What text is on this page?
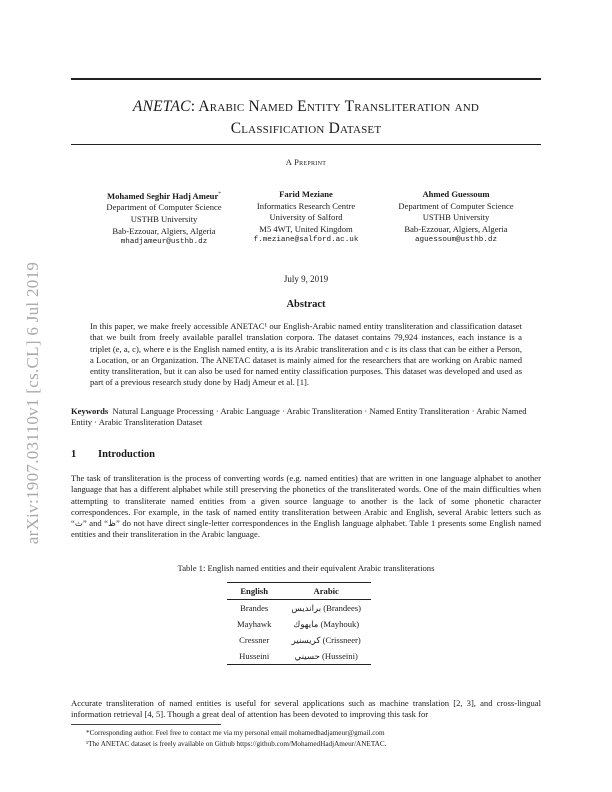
arXiv:1907.03110v1 [cs.CL] 6 Jul 2019
ANETAC: Arabic Named Entity Transliteration and
Classification Dataset
A Preprint
Mohamed Seghir Hadj Ameur*
Department of Computer Science
USTHB University
Bab-Ezzouar, Algiers, Algeria
mhadjameur@usthb.dz
Farid Meziane
Informatics Research Centre
University of Salford
M5 4WT, United Kingdom
f.meziane@salford.ac.uk
Ahmed Guessoum
Department of Computer Science
USTHB University
Bab-Ezzouar, Algiers, Algeria
aguessoum@usthb.dz
July 9, 2019
Abstract
In this paper, we make freely accessible ANETAC¹ our English-Arabic named entity transliteration and classification dataset that we built from freely available parallel translation corpora. The dataset contains 79,924 instances, each instance is a triplet (e, a, c), where e is the English named entity, a is its Arabic transliteration and c is its class that can be either a Person, a Location, or an Organization. The ANETAC dataset is mainly aimed for the researchers that are working on Arabic named entity transliteration, but it can also be used for named entity classification purposes. This dataset was developed and used as part of a previous research study done by Hadj Ameur et al. [1].
Keywords Natural Language Processing · Arabic Language · Arabic Transliteration · Named Entity Transliteration · Arabic Named Entity · Arabic Transliteration Dataset
1 Introduction
The task of transliteration is the process of converting words (e.g. named entities) that are written in one language alphabet to another language that has a different alphabet while still preserving the phonetics of the transliterated words. One of the main difficulties when attempting to transliterate named entities from a given source language to another is the lack of some phonetic character correspondences. For example, in the task of named entity transliteration between Arabic and English, several Arabic letters such as “ث” and “ظ” do not have direct single-letter correspondences in the English language alphabet. Table 1 presents some English named entities and their transliteration in the Arabic language.
Table 1: English named entities and their equivalent Arabic transliterations
English	Arabic
Brandes	برانديس (Brandees)
Mayhawk	مايهوك (Mayhouk)
Cressner	كريسنير (Crissneer)
Husseini	حسيني (Husseini)
Accurate transliteration of named entities is useful for several applications such as machine translation [2, 3], and cross-lingual information retrieval [4, 5]. Though a great deal of attention has been devoted to improving this task for
*Corresponding author. Feel free to contact me via my personal email mohamedhadjameur@gmail.com
¹The ANETAC dataset is freely available on Github https://github.com/MohamedHadjAmeur/ANETAC.
